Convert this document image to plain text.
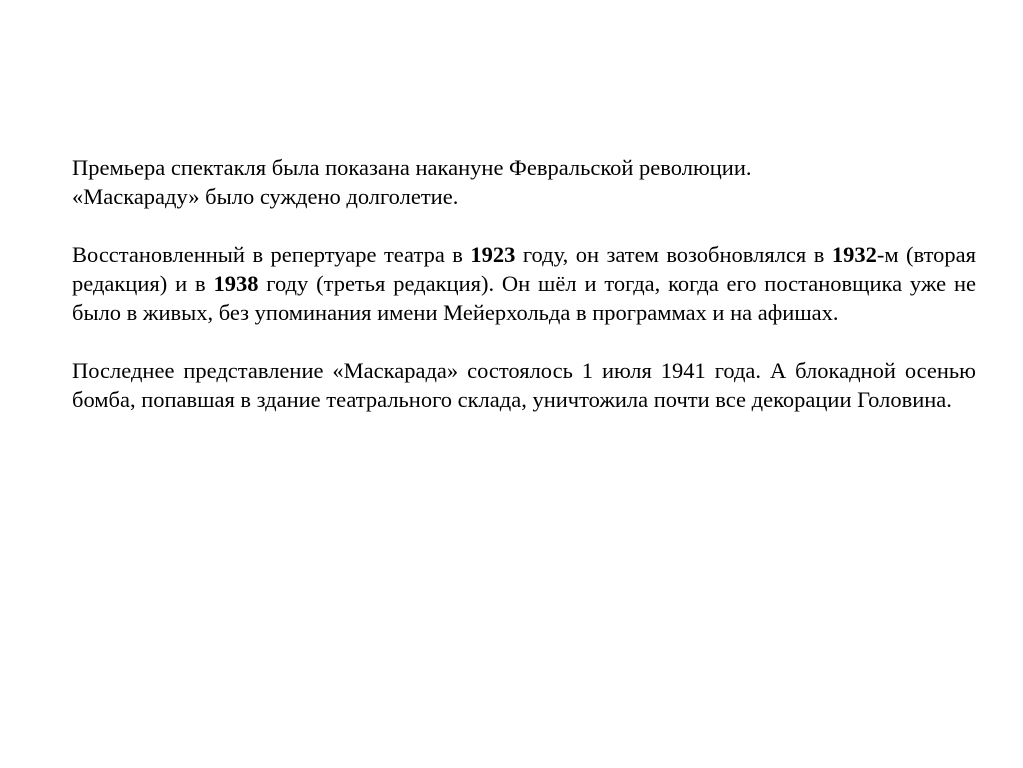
Премьера спектакля была показана накануне Февральской революции.
«Маскараду» было суждено долголетие.

Восстановленный в репертуаре театра в 1923 году, он затем возобновлялся в 1932-м (вторая редакция) и в 1938 году (третья редакция). Он шёл и тогда, когда его постановщика уже не было в живых, без упоминания имени Мейерхольда в программах и на афишах.

Последнее представление «Маскарада» состоялось 1 июля 1941 года. А блокадной осенью бомба, попавшая в здание театрального склада, уничтожила почти все декорации Головина.
